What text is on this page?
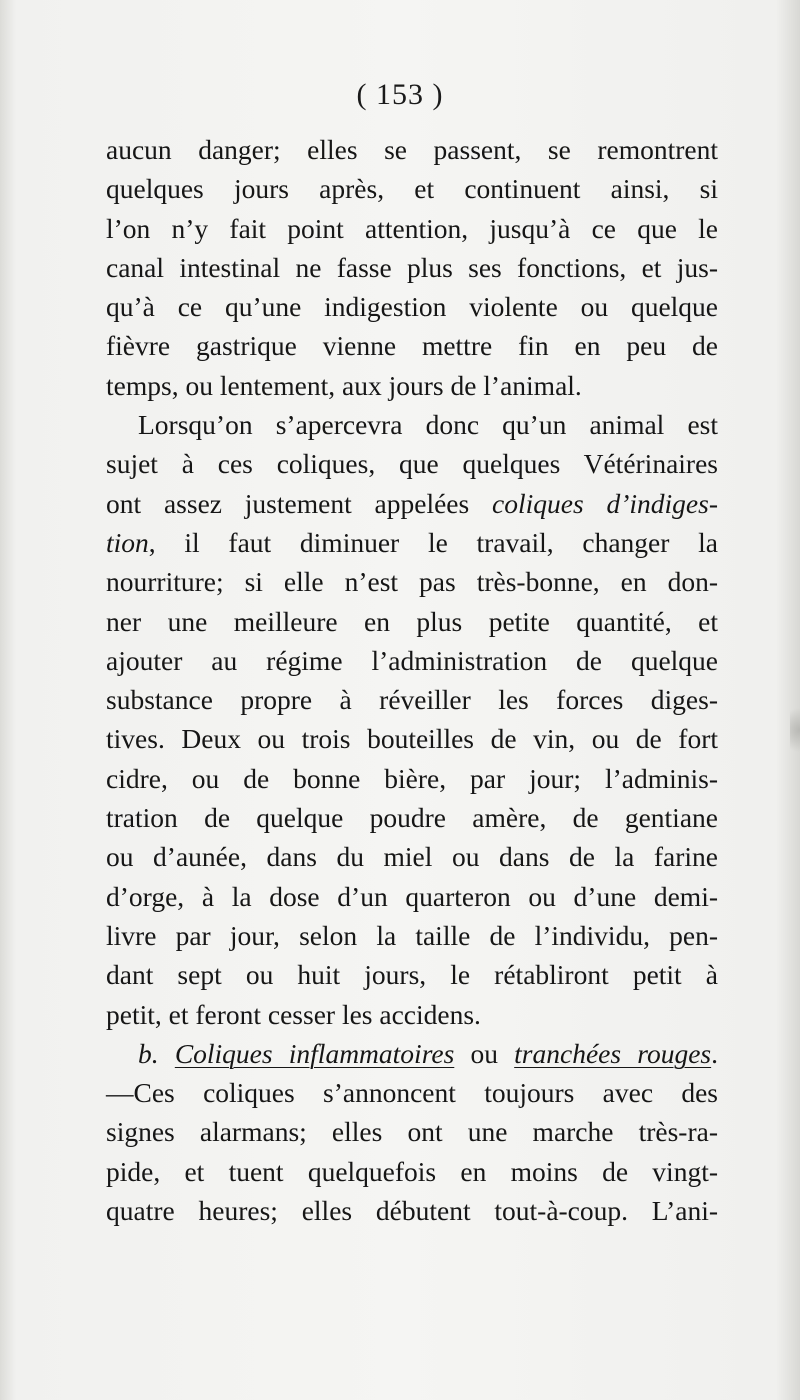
( 153 )
aucun danger; elles se passent, se remontrent
quelques jours après, et continuent ainsi, si
l’on n’y fait point attention, jusqu’à ce que le
canal intestinal ne fasse plus ses fonctions, et jus-
qu’à ce qu’une indigestion violente ou quelque
fièvre gastrique vienne mettre fin en peu de
temps, ou lentement, aux jours de l’animal.
Lorsqu’on s’apercevra donc qu’un animal est
sujet à ces coliques, que quelques Vétérinaires
ont assez justement appelées coliques d’indiges-
tion, il faut diminuer le travail, changer la
nourriture; si elle n’est pas très-bonne, en don-
ner une meilleure en plus petite quantité, et
ajouter au régime l’administration de quelque
substance propre à réveiller les forces diges-
tives. Deux ou trois bouteilles de vin, ou de fort
cidre, ou de bonne bière, par jour; l’adminis-
tration de quelque poudre amère, de gentiane
ou d’aunée, dans du miel ou dans de la farine
d’orge, à la dose d’un quarteron ou d’une demi-
livre par jour, selon la taille de l’individu, pen-
dant sept ou huit jours, le rétabliront petit à
petit, et feront cesser les accidens.
b. Coliques inflammatoires ou tranchées rouges.
—Ces coliques s’annoncent toujours avec des
signes alarmans; elles ont une marche très-ra-
pide, et tuent quelquefois en moins de vingt-
quatre heures; elles débutent tout-à-coup. L’ani-
